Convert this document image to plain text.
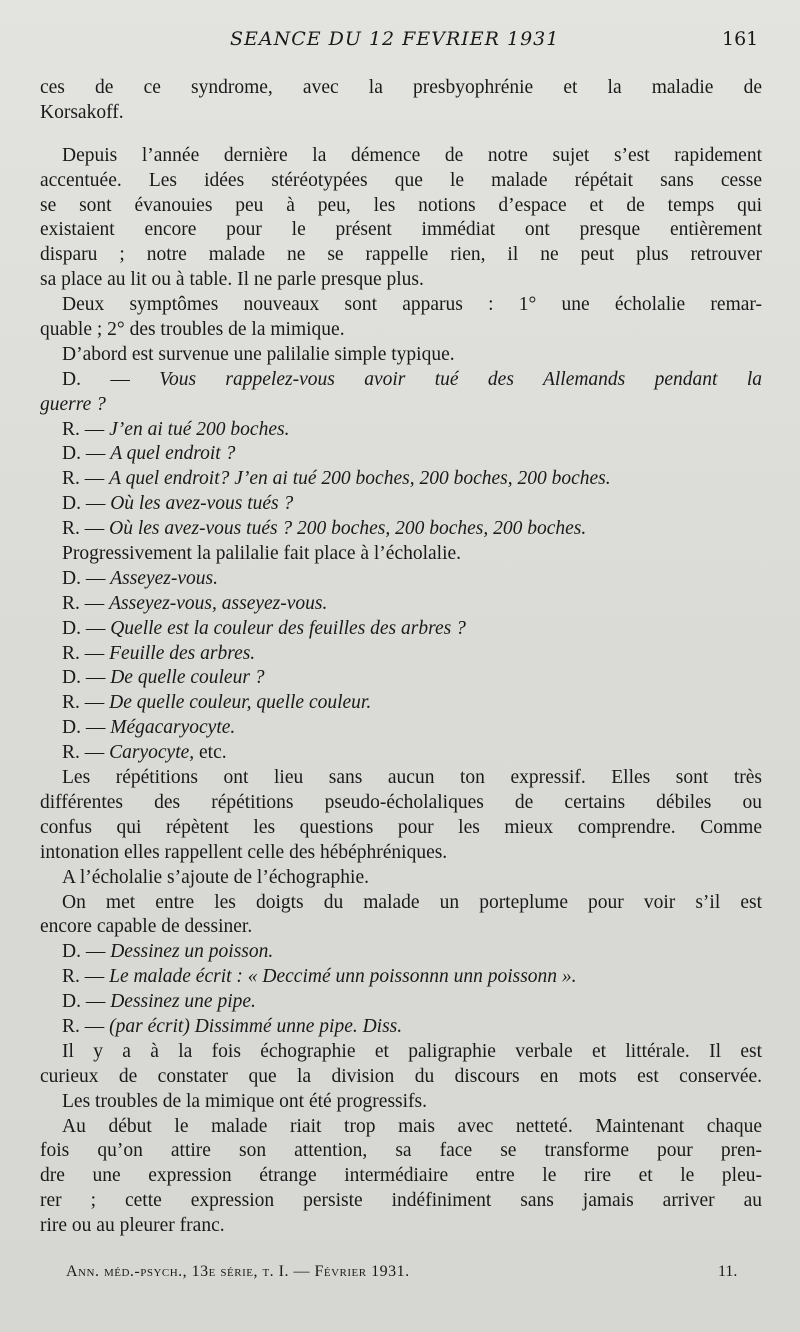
SEANCE DU 12 FEVRIER 1931	161
ces de ce syndrome, avec la presbyophrénie et la maladie de
Korsakoff.
Depuis l’année dernière la démence de notre sujet s’est rapidement
accentuée. Les idées stéréotypées que le malade répétait sans cesse
se sont évanouies peu à peu, les notions d’espace et de temps qui
existaient encore pour le présent immédiat ont presque entièrement
disparu ; notre malade ne se rappelle rien, il ne peut plus retrouver
sa place au lit ou à table. Il ne parle presque plus.
Deux symptômes nouveaux sont apparus : 1° une écholalie remar-
quable ; 2° des troubles de la mimique.
D’abord est survenue une palilalie simple typique.
D. — Vous rappelez-vous avoir tué des Allemands pendant la
guerre ?
R. — J’en ai tué 200 boches.
D. — A quel endroit ?
R. — A quel endroit? J’en ai tué 200 boches, 200 boches, 200 boches.
D. — Où les avez-vous tués ?
R. — Où les avez-vous tués ? 200 boches, 200 boches, 200 boches.
Progressivement la palilalie fait place à l’écholalie.
D. — Asseyez-vous.
R. — Asseyez-vous, asseyez-vous.
D. — Quelle est la couleur des feuilles des arbres ?
R. — Feuille des arbres.
D. — De quelle couleur ?
R. — De quelle couleur, quelle couleur.
D. — Mégacaryocyte.
R. — Caryocyte, etc.
Les répétitions ont lieu sans aucun ton expressif. Elles sont très
différentes des répétitions pseudo-écholaliques de certains débiles ou
confus qui répètent les questions pour les mieux comprendre. Comme
intonation elles rappellent celle des hébéphréniques.
A l’écholalie s’ajoute de l’échographie.
On met entre les doigts du malade un porteplume pour voir s’il est
encore capable de dessiner.
D. — Dessinez un poisson.
R. — Le malade écrit : « Deccimé unn poissonnn unn poissonn ».
D. — Dessinez une pipe.
R. — (par écrit) Dissimmé unne pipe. Diss.
Il y a à la fois échographie et paligraphie verbale et littérale. Il est
curieux de constater que la division du discours en mots est conservée.
Les troubles de la mimique ont été progressifs.
Au début le malade riait trop mais avec netteté. Maintenant chaque
fois qu’on attire son attention, sa face se transforme pour pren-
dre une expression étrange intermédiaire entre le rire et le pleu-
rer ; cette expression persiste indéfiniment sans jamais arriver au
rire ou au pleurer franc.
Ann. méd.-psych., 13e série, t. I. — Février 1931.	11.
